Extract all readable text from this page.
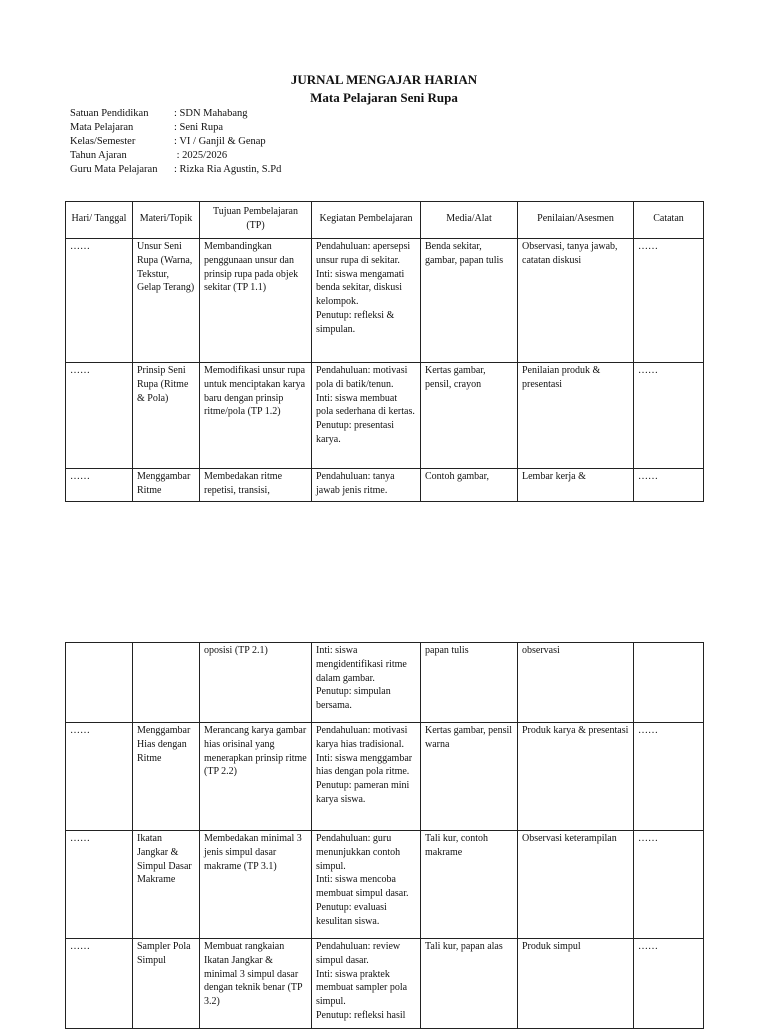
JURNAL MENGAJAR HARIAN
Mata Pelajaran Seni Rupa
Satuan Pendidikan	: SDN Mahabang
Mata Pelajaran	: Seni Rupa
Kelas/Semester	: VI / Ganjil & Genap
Tahun Ajaran	: 2025/2026
Guru Mata Pelajaran	: Rizka Ria Agustin, S.Pd
Hari/ Tanggal	Materi/Topik	Tujuan Pembelajaran (TP)	Kegiatan Pembelajaran	Media/Alat	Penilaian/Asesmen	Catatan

……	Unsur Seni Rupa (Warna, Tekstur, Gelap Terang)	Membandingkan penggunaan unsur dan prinsip rupa pada objek sekitar (TP 1.1)	Pendahuluan: apersepsi unsur rupa di sekitar.
Inti: siswa mengamati benda sekitar, diskusi kelompok.
Penutup: refleksi & simpulan.	Benda sekitar, gambar, papan tulis	Observasi, tanya jawab, catatan diskusi	……

……	Prinsip Seni Rupa (Ritme & Pola)	Memodifikasi unsur rupa untuk menciptakan karya baru dengan prinsip ritme/pola (TP 1.2)	Pendahuluan: motivasi pola di batik/tenun.
Inti: siswa membuat pola sederhana di kertas.
Penutup: presentasi karya.	Kertas gambar, pensil, crayon	Penilaian produk & presentasi	……

……	Menggambar Ritme	Membedakan ritme repetisi, transisi,	Pendahuluan: tanya jawab jenis ritme.	Contoh gambar,	Lembar kerja &	……

		oposisi (TP 2.1)	Inti: siswa mengidentifikasi ritme dalam gambar.
Penutup: simpulan bersama.	papan tulis	observasi	

……	Menggambar Hias dengan Ritme	Merancang karya gambar hias orisinal yang menerapkan prinsip ritme (TP 2.2)	Pendahuluan: motivasi karya hias tradisional.
Inti: siswa menggambar hias dengan pola ritme.
Penutup: pameran mini karya siswa.	Kertas gambar, pensil warna	Produk karya & presentasi	……

……	Ikatan Jangkar & Simpul Dasar Makrame	Membedakan minimal 3 jenis simpul dasar makrame (TP 3.1)	Pendahuluan: guru menunjukkan contoh simpul.
Inti: siswa mencoba membuat simpul dasar.
Penutup: evaluasi kesulitan siswa.	Tali kur, contoh makrame	Observasi keterampilan	……

……	Sampler Pola Simpul	Membuat rangkaian Ikatan Jangkar & minimal 3 simpul dasar dengan teknik benar (TP 3.2)	Pendahuluan: review simpul dasar.
Inti: siswa praktek membuat sampler pola simpul.
Penutup: refleksi hasil	Tali kur, papan alas	Produk simpul	……
